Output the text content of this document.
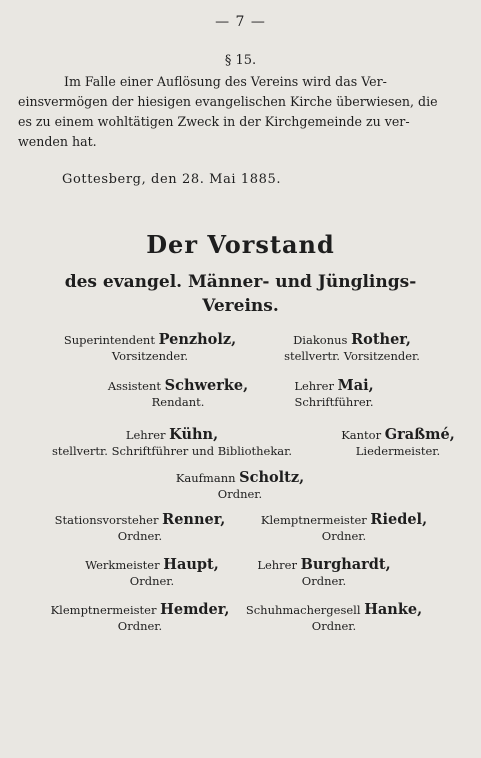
— 7 —
§ 15.
Im Falle einer Auflösung des Vereins wird das Ver-
einsvermögen der hiesigen evangelischen Kirche überwiesen, die
es zu einem wohltätigen Zweck in der Kirchgemeinde zu ver-
wenden hat.
Gottesberg, den 28. Mai 1885.
Der Vorstand
des evangel. Männer- und Jünglings-
Vereins.
Superintendent Penzholz,
Vorsitzender.
Diakonus Rother,
stellvertr. Vorsitzender.
Assistent Schwerke,
Rendant.
Lehrer Mai,
Schriftführer.
Lehrer Kühn,
stellvertr. Schriftführer und Bibliothekar.
Kantor Graßmé,
Liedermeister.
Kaufmann Scholtz,
Ordner.
Stationsvorsteher Renner,
Ordner.
Klemptnermeister Riedel,
Ordner.
Werkmeister Haupt,
Ordner.
Lehrer Burghardt,
Ordner.
Klemptnermeister Hemder,
Ordner.
Schuhmachergesell Hanke,
Ordner.
